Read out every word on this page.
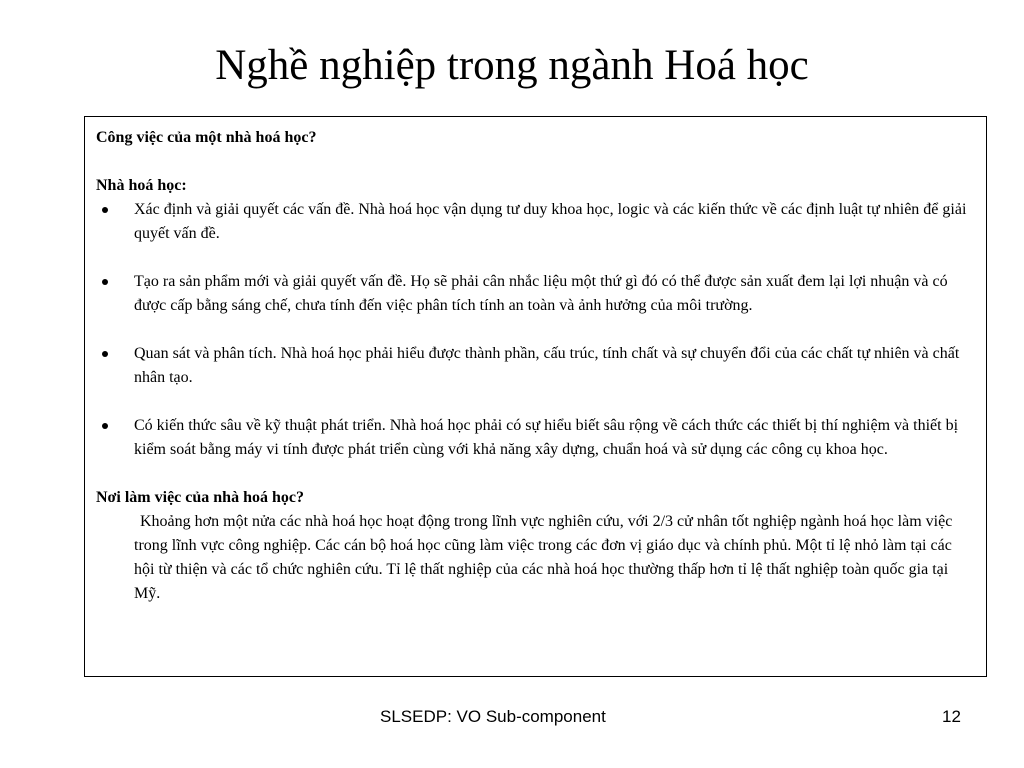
Nghề nghiệp trong ngành Hoá học

Công việc của một nhà hoá học?

Nhà hoá học:

Xác định và giải quyết các vấn đề. Nhà hoá học vận dụng tư duy khoa học, logic và các kiến thức về các định luật tự nhiên để giải quyết vấn đề.
Tạo ra sản phẩm mới và giải quyết vấn đề. Họ sẽ phải cân nhắc liệu một thứ gì đó có thể được sản xuất đem lại lợi nhuận và có được cấp bằng sáng chế, chưa tính đến việc phân tích tính an toàn và ảnh hưởng của môi trường.
Quan sát và phân tích. Nhà hoá học phải hiểu được thành phần, cấu trúc, tính chất và sự chuyển đổi của các chất tự nhiên và chất nhân tạo.
Có kiến thức sâu về kỹ thuật phát triển. Nhà hoá học phải có sự hiểu biết sâu rộng về cách thức các thiết bị thí nghiệm và thiết bị kiểm soát bằng máy vi tính được phát triển cùng với khả năng xây dựng, chuẩn hoá và sử dụng các công cụ khoa học.

Nơi làm việc của nhà hoá học?

Khoảng hơn một nửa các nhà hoá học hoạt động trong lĩnh vực nghiên cứu, với 2/3 cử nhân tốt nghiệp ngành hoá học làm việc trong lĩnh vực công nghiệp. Các cán bộ hoá học cũng làm việc trong các đơn vị giáo dục và chính phủ. Một tỉ lệ nhỏ làm tại các hội từ thiện và các tổ chức nghiên cứu. Tỉ lệ thất nghiệp của các nhà hoá học thường thấp hơn tỉ lệ thất nghiệp toàn quốc gia tại Mỹ.

SLSEDP: VO Sub-component	12
